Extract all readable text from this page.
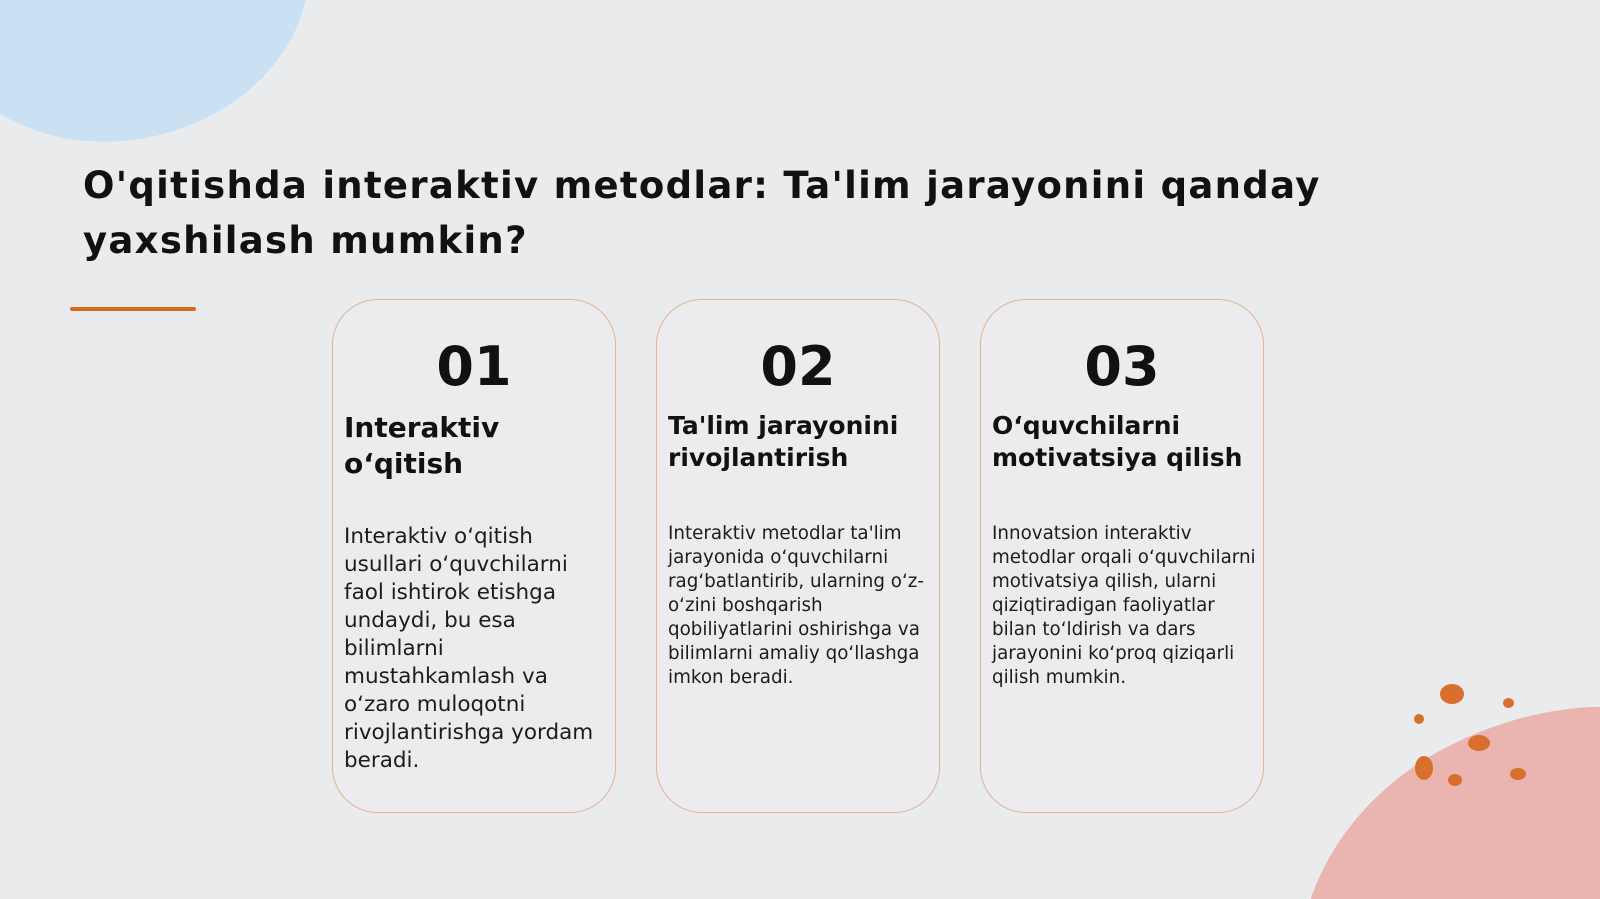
O'qitishda interaktiv metodlar: Ta'lim jarayonini qanday yaxshilash mumkin?
01
Interaktiv o‘qitish
Interaktiv o‘qitish usullari o‘quvchilarni faol ishtirok etishga undaydi, bu esa bilimlarni mustahkamlash va o‘zaro muloqotni rivojlantirishga yordam beradi.
02
Ta'lim jarayonini rivojlantirish
Interaktiv metodlar ta'lim jarayonida o‘quvchilarni rag‘batlantirib, ularning o‘z-o‘zini boshqarish qobiliyatlarini oshirishga va bilimlarni amaliy qo‘llashga imkon beradi.
03
O‘quvchilarni motivatsiya qilish
Innovatsion interaktiv metodlar orqali o‘quvchilarni motivatsiya qilish, ularni qiziqtiradigan faoliyatlar bilan to‘ldirish va dars jarayonini ko‘proq qiziqarli qilish mumkin.
